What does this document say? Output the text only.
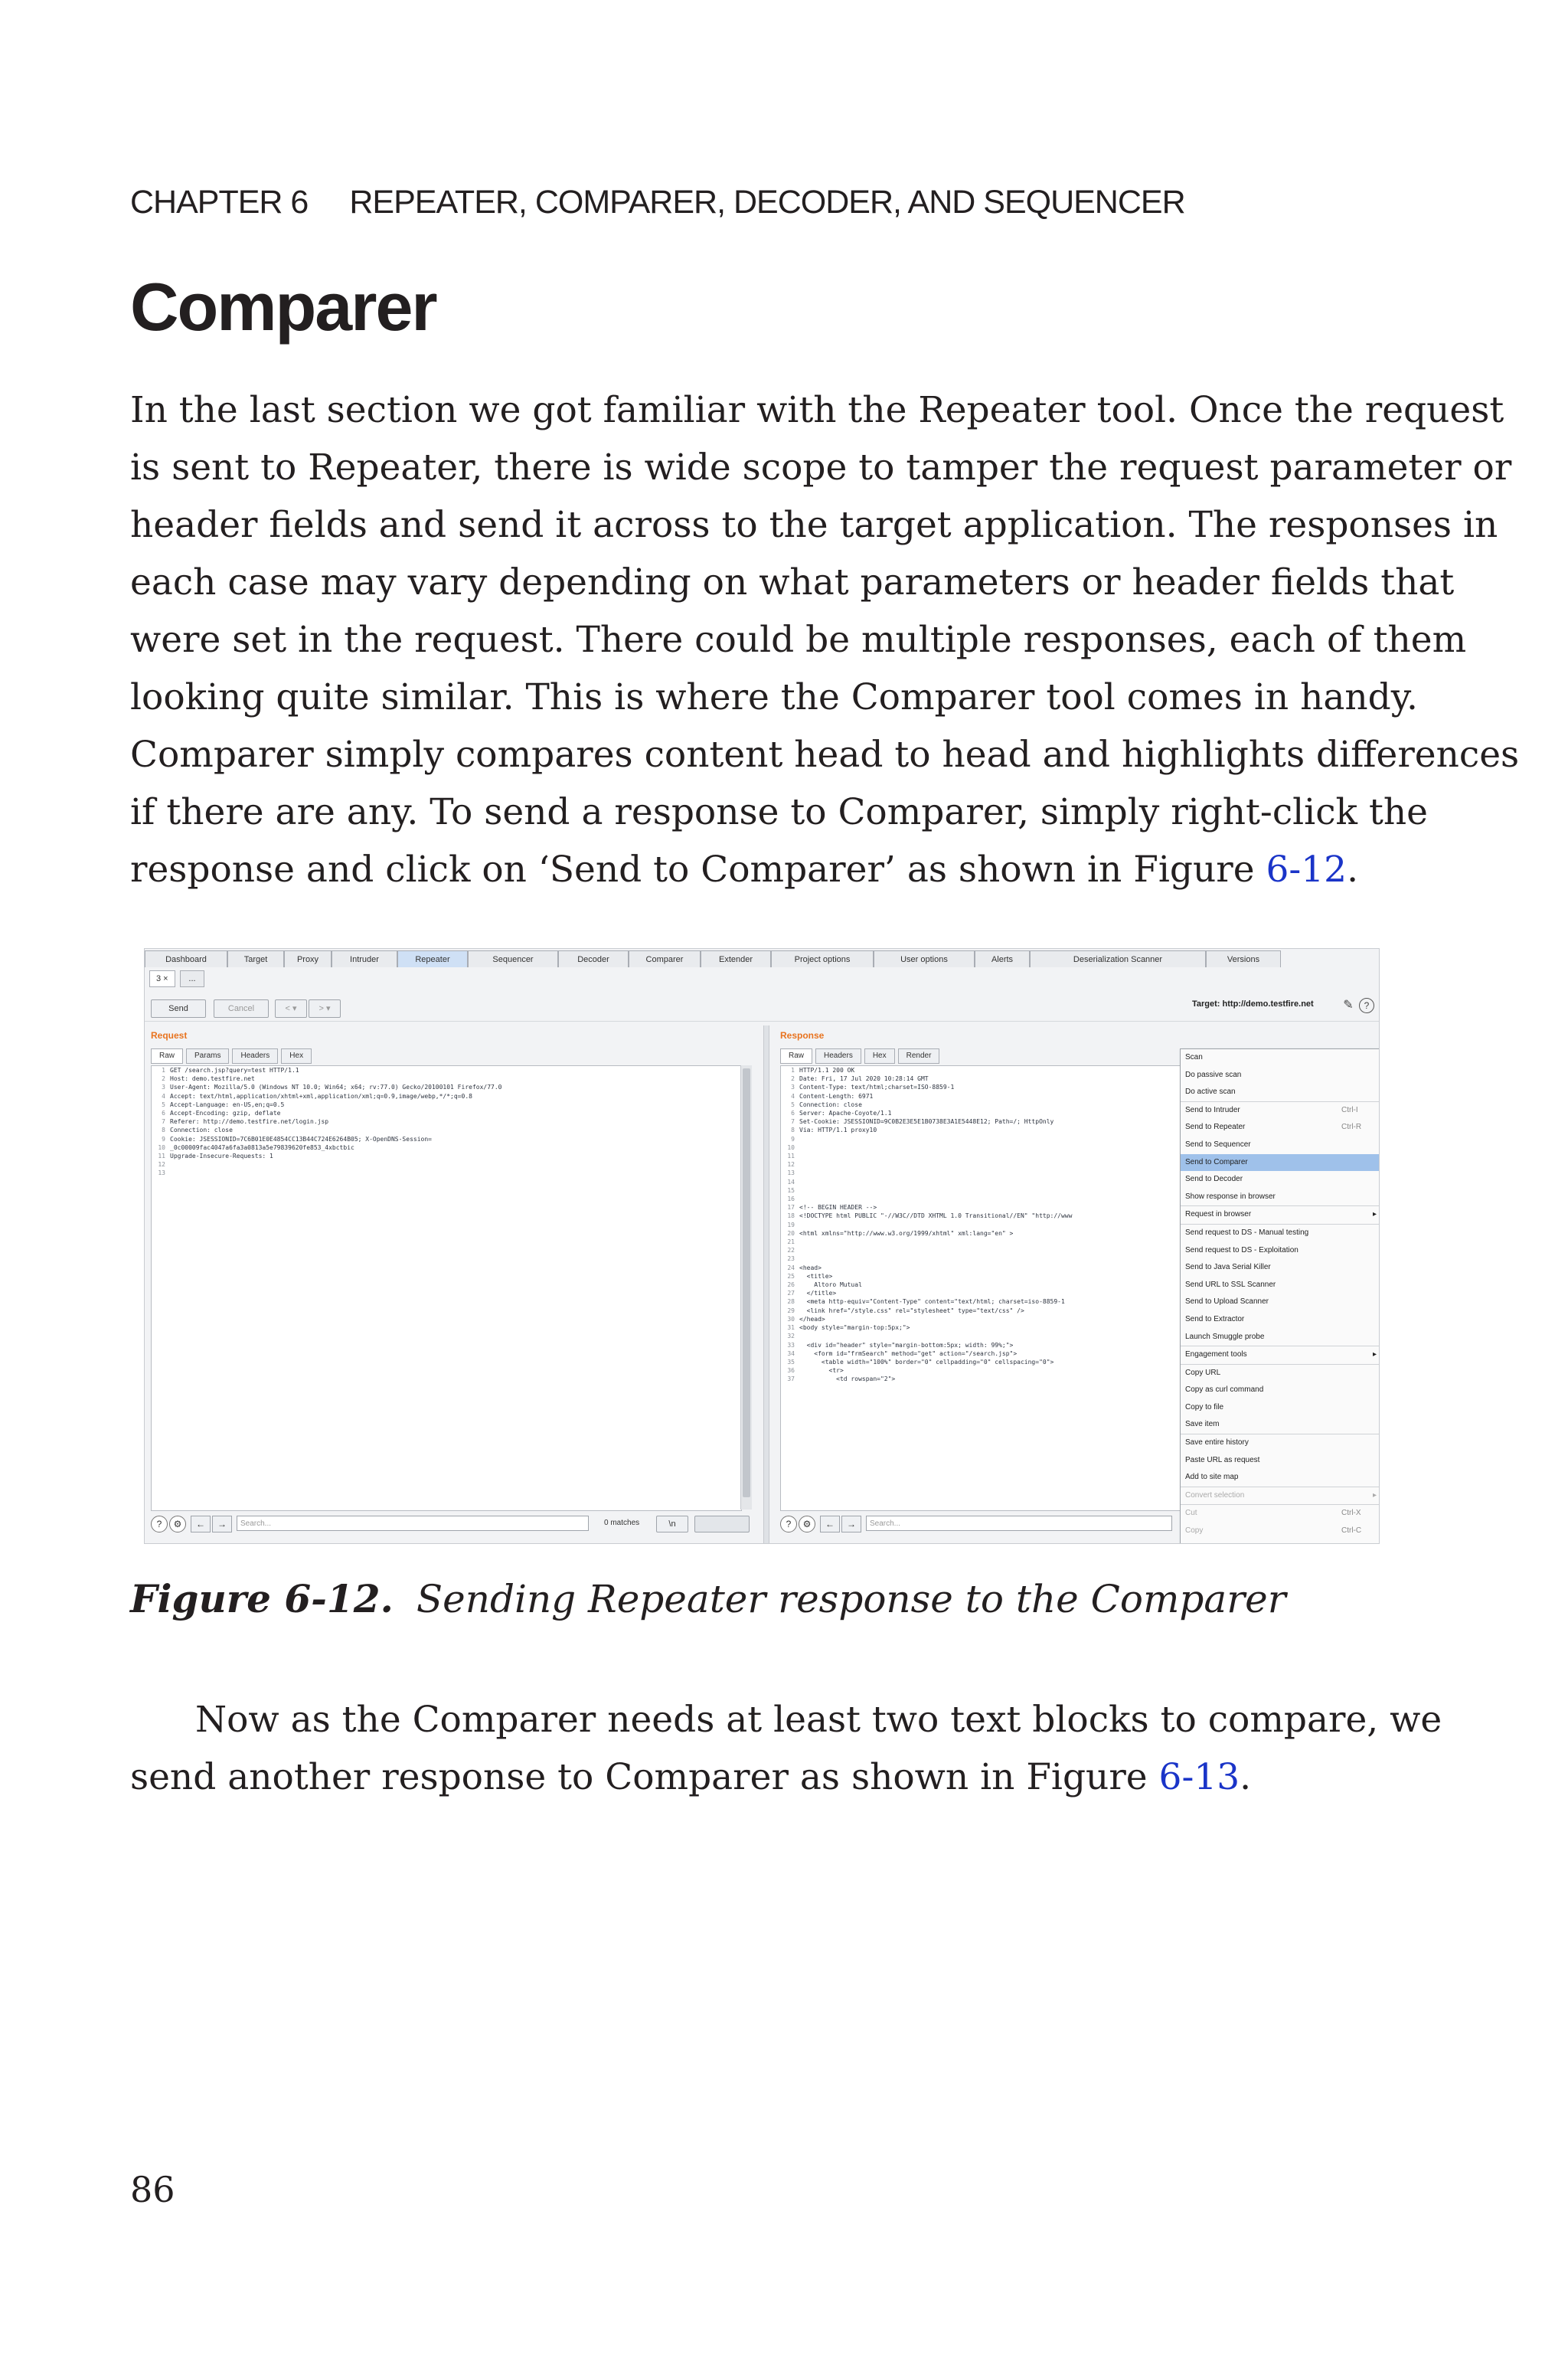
CHAPTER 6 REPEATER, COMPARER, DECODER, AND SEQUENCER
Comparer
In the last section we got familiar with the Repeater tool. Once the request
is sent to Repeater, there is wide scope to tamper the request parameter or
header fields and send it across to the target application. The responses in
each case may vary depending on what parameters or header fields that
were set in the request. There could be multiple responses, each of them
looking quite similar. This is where the Comparer tool comes in handy.
Comparer simply compares content head to head and highlights differences
if there are any. To send a response to Comparer, simply right-click the
response and click on ‘Send to Comparer’ as shown in Figure 6-12.
Dashboard	Target	Proxy	Intruder	Repeater	Sequencer	Decoder	Comparer	Extender	Project options	User options	Alerts	Deserialization Scanner	Versions
3 ×	...
Send	Cancel	< ▾	> ▾	Target: http://demo.testfire.net ✎	?
Request
Raw	Params	Headers	Hex
1 GET /search.jsp?query=test HTTP/1.1
2 Host: demo.testfire.net
3 User-Agent: Mozilla/5.0 (Windows NT 10.0; Win64; x64; rv:77.0) Gecko/20100101 Firefox/77.0
4 Accept: text/html,application/xhtml+xml,application/xml;q=0.9,image/webp,*/*;q=0.8
5 Accept-Language: en-US,en;q=0.5
6 Accept-Encoding: gzip, deflate
7 Referer: http://demo.testfire.net/login.jsp
8 Connection: close
9 Cookie: JSESSIONID=7C6B01E0E4854CC13B44C724E6264B05; X-OpenDNS-Session=
10 _0c00009fac4047a6fa3a0813a5e79839620fe853_4xbctbic
11 Upgrade-Insecure-Requests: 1
12
13
?	⚙	←	→	Search...	0 matches	\n
Response
Raw	Headers	Hex	Render
1 HTTP/1.1 200 OK
2 Date: Fri, 17 Jul 2020 10:28:14 GMT
3 Content-Type: text/html;charset=ISO-8859-1
4 Content-Length: 6971
5 Connection: close
6 Server: Apache-Coyote/1.1
7 Set-Cookie: JSESSIONID=9C0B2E3E5E1B0738E3A1E5448E12; Path=/; HttpOnly
8 Via: HTTP/1.1 proxy10
9
10
11
12
13
14
15
16
17 <!-- BEGIN HEADER -->
18 <!DOCTYPE html PUBLIC "-//W3C//DTD XHTML 1.0 Transitional//EN" "http://www
19
20 <html xmlns="http://www.w3.org/1999/xhtml" xml:lang="en" >
21
22
23
24 <head>
25 <title>
26 Altoro Mutual
27 </title>
28 <meta http-equiv="Content-Type" content="text/html; charset=iso-8859-1
29 <link href="/style.css" rel="stylesheet" type="text/css" />
30 </head>
31 <body style="margin-top:5px;">
32
33 <div id="header" style="margin-bottom:5px; width: 99%;">
34 <form id="frmSearch" method="get" action="/search.jsp">
35 <table width="100%" border="0" cellpadding="0" cellspacing="0">
36 <tr>
37 <td rowspan="2">
?	⚙	←	→	Search...
Scan
Do passive scan
Do active scan
Send to Intruder	Ctrl-I
Send to Repeater	Ctrl-R
Send to Sequencer
Send to Comparer
Send to Decoder
Show response in browser
Request in browser	▸
Send request to DS - Manual testing
Send request to DS - Exploitation
Send to Java Serial Killer
Send URL to SSL Scanner
Send to Upload Scanner
Send to Extractor
Launch Smuggle probe
Engagement tools	▸
Copy URL
Copy as curl command
Copy to file
Save item
Save entire history
Paste URL as request
Add to site map
Convert selection	▸
Cut	Ctrl-X
Copy	Ctrl-C
Figure 6-12. Sending Repeater response to the Comparer
Now as the Comparer needs at least two text blocks to compare, we
send another response to Comparer as shown in Figure 6-13.
86
